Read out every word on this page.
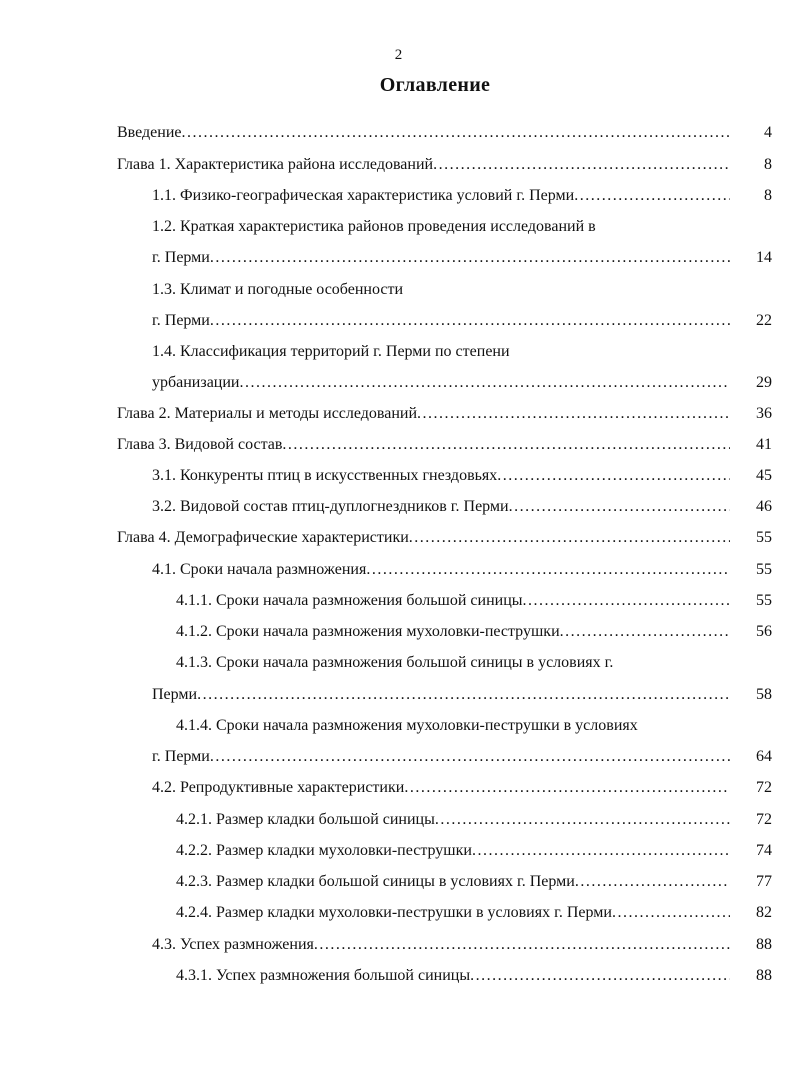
2
Оглавление
Введение .....	4
Глава 1. Характеристика района исследований .....	8
1.1. Физико-географическая характеристика условий г. Перми .....	8
1.2. Краткая характеристика районов проведения исследований в
г. Перми .....	14
1.3. Климат и погодные особенности
г. Перми .....	22
1.4. Классификация территорий г. Перми по степени
урбанизации .....	29
Глава 2. Материалы и методы исследований .....	36
Глава 3. Видовой состав .....	41
3.1. Конкуренты птиц в искусственных гнездовьях .....	45
3.2. Видовой состав птиц-дуплогнездников г. Перми .....	46
Глава 4. Демографические характеристики .....	55
4.1. Сроки начала размножения .....	55
4.1.1. Сроки начала размножения большой синицы .....	55
4.1.2. Сроки начала размножения мухоловки-пеструшки .....	56
4.1.3. Сроки начала размножения большой синицы в условиях г.
Перми .....	58
4.1.4. Сроки начала размножения мухоловки-пеструшки в условиях
г. Перми .....	64
4.2. Репродуктивные характеристики .....	72
4.2.1. Размер кладки большой синицы .....	72
4.2.2. Размер кладки мухоловки-пеструшки .....	74
4.2.3. Размер кладки большой синицы в условиях г. Перми .....	77
4.2.4. Размер кладки мухоловки-пеструшки в условиях г. Перми .....	82
4.3. Успех размножения .....	88
4.3.1. Успех размножения большой синицы .....	88
